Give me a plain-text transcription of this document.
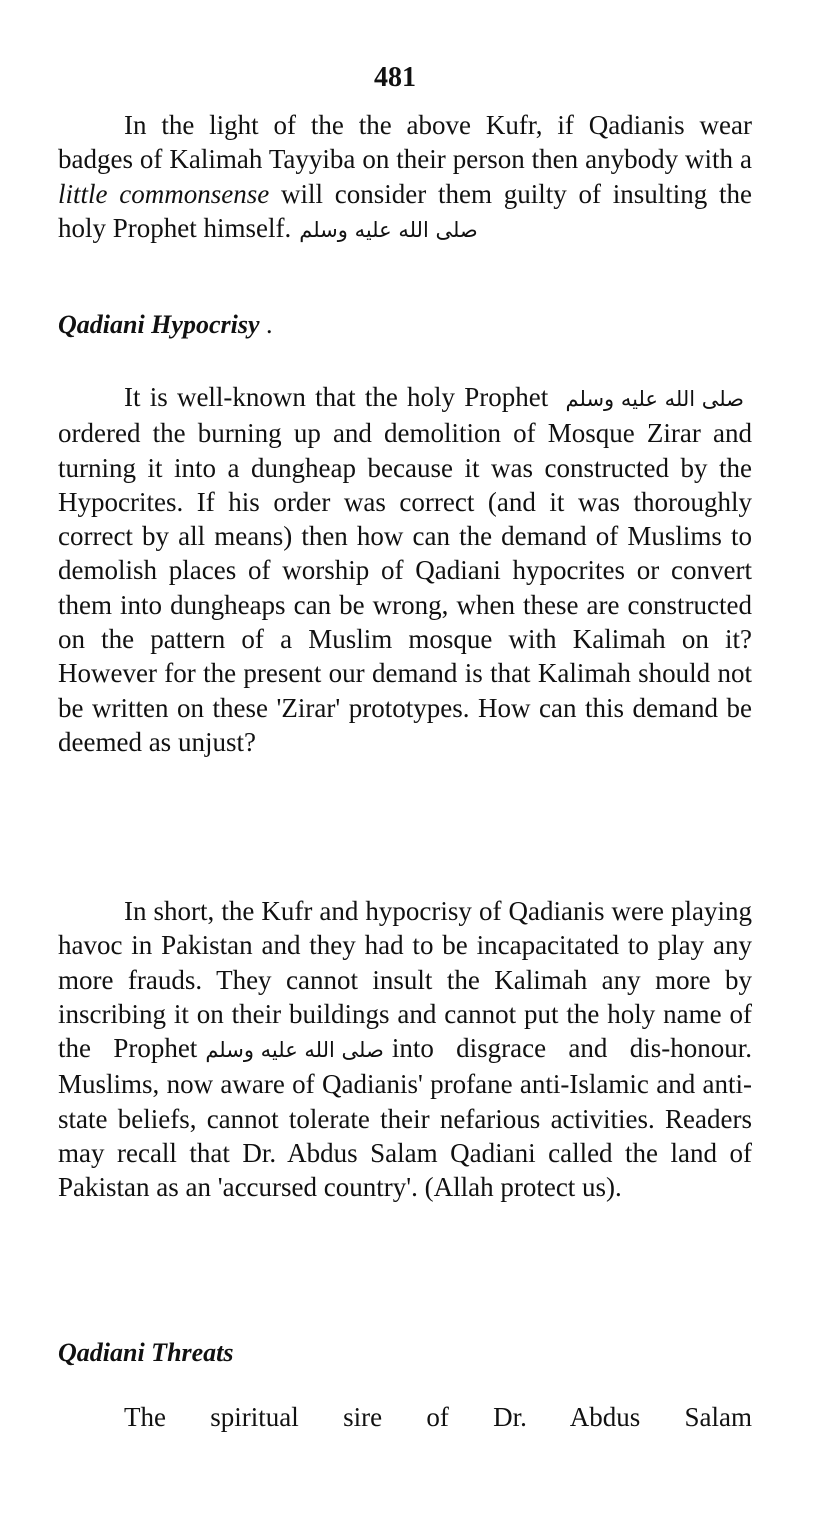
481

In the light of the the above Kufr, if Qadianis wear badges of Kalimah Tayyiba on their person then anybody with a little commonsense will consider them guilty of insulting the holy Prophet himself. صلى الله عليه وسلم

Qadiani Hypocrisy .

It is well-known that the holy Prophet صلى الله عليه وسلم ordered the burning up and demolition of Mosque Zirar and turning it into a dungheap because it was constructed by the Hypocrites. If his order was correct (and it was thoroughly correct by all means) then how can the demand of Muslims to demolish places of worship of Qadiani hypocrites or convert them into dungheaps can be wrong, when these are constructed on the pattern of a Muslim mosque with Kalimah on it? However for the present our demand is that Kalimah should not be written on these 'Zirar' prototypes. How can this demand be deemed as unjust?

In short, the Kufr and hypocrisy of Qadianis were playing havoc in Pakistan and they had to be incapacitated to play any more frauds. They cannot insult the Kalimah any more by inscribing it on their buildings and cannot put the holy name of the Prophet صلى الله عليه وسلم into disgrace and dis-honour. Muslims, now aware of Qadianis' profane anti-Islamic and anti-state beliefs, cannot tolerate their nefarious activities. Readers may recall that Dr. Abdus Salam Qadiani called the land of Pakistan as an 'accursed country'. (Allah protect us).

Qadiani Threats

The spiritual sire of Dr. Abdus Salam
